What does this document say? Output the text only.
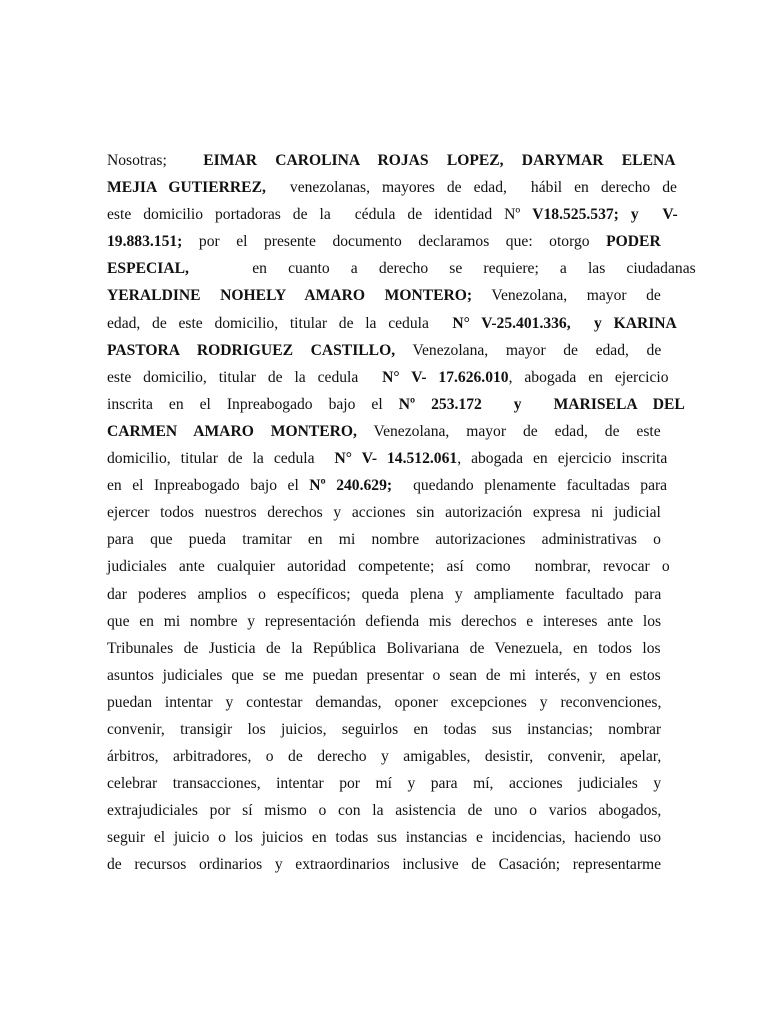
Nosotras;  EIMAR CAROLINA ROJAS LOPEZ, DARYMAR ELENA
MEJIA GUTIERREZ,  venezolanas, mayores de edad,  hábil en derecho de
este domicilio portadoras de la  cédula de identidad Nº V18.525.537; y  V-
19.883.151; por el presente documento declaramos que: otorgo PODER
ESPECIAL,   en cuanto a derecho se requiere; a las ciudadanas
YERALDINE NOHELY AMARO MONTERO; Venezolana, mayor de
edad, de este domicilio, titular de la cedula  N° V-25.401.336,  y KARINA
PASTORA RODRIGUEZ CASTILLO, Venezolana, mayor de edad, de
este domicilio, titular de la cedula  N° V- 17.626.010, abogada en ejercicio
inscrita en el Inpreabogado bajo el Nº 253.172  y  MARISELA DEL
CARMEN AMARO MONTERO, Venezolana, mayor de edad, de este
domicilio, titular de la cedula  N° V- 14.512.061, abogada en ejercicio inscrita
en el Inpreabogado bajo el Nº 240.629;  quedando plenamente facultadas para
ejercer todos nuestros derechos y acciones sin autorización expresa ni judicial
para que pueda tramitar en mi nombre autorizaciones administrativas o
judiciales ante cualquier autoridad competente; así como  nombrar, revocar o
dar poderes amplios o específicos; queda plena y ampliamente facultado para
que en mi nombre y representación defienda mis derechos e intereses ante los
Tribunales de Justicia de la República Bolivariana de Venezuela, en todos los
asuntos judiciales que se me puedan presentar o sean de mi interés, y en estos
puedan intentar y contestar demandas, oponer excepciones y reconvenciones,
convenir, transigir los juicios, seguirlos en todas sus instancias; nombrar
árbitros, arbitradores, o de derecho y amigables, desistir, convenir, apelar,
celebrar transacciones, intentar por mí y para mí, acciones judiciales y
extrajudiciales por sí mismo o con la asistencia de uno o varios abogados,
seguir el juicio o los juicios en todas sus instancias e incidencias, haciendo uso
de recursos ordinarios y extraordinarios inclusive de Casación; representarme
